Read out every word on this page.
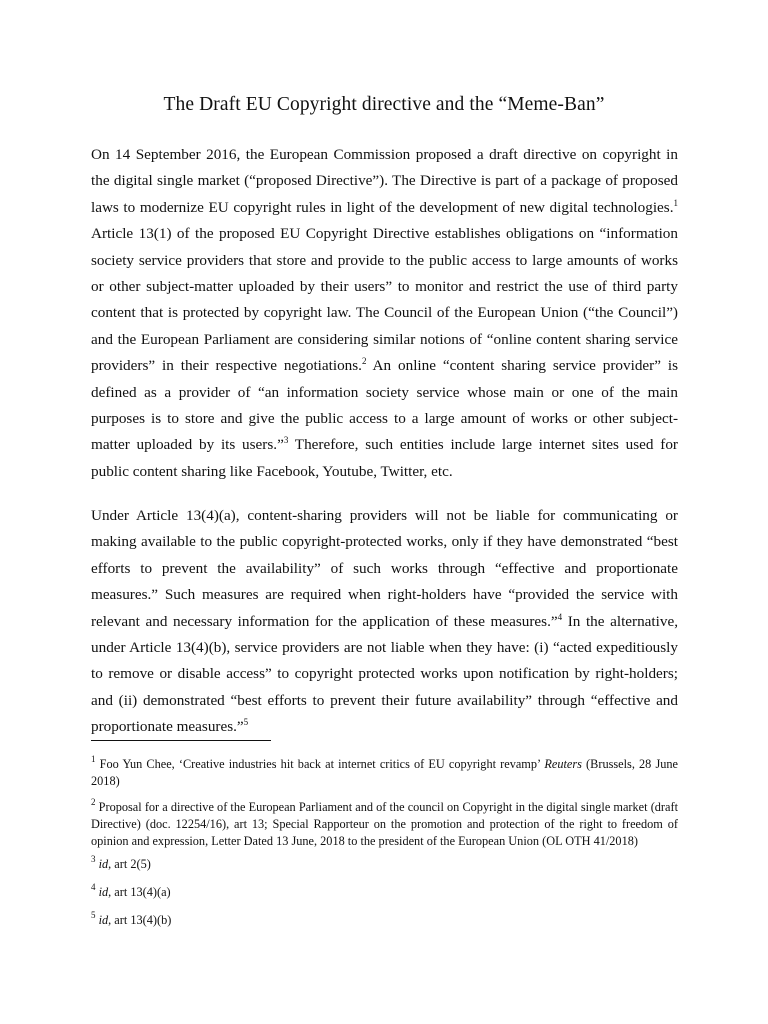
The Draft EU Copyright directive and the “Meme-Ban”
On 14 September 2016, the European Commission proposed a draft directive on copyright in the digital single market (“proposed Directive”). The Directive is part of a package of proposed laws to modernize EU copyright rules in light of the development of new digital technologies.$^1$ Article 13(1) of the proposed EU Copyright Directive establishes obligations on “information society service providers that store and provide to the public access to large amounts of works or other subject-matter uploaded by their users” to monitor and restrict the use of third party content that is protected by copyright law. The Council of the European Union (“the Council”) and the European Parliament are considering similar notions of “online content sharing service providers” in their respective negotiations.$^2$ An online “content sharing service provider” is defined as a provider of “an information society service whose main or one of the main purposes is to store and give the public access to a large amount of works or other subject-matter uploaded by its users.”$^3$ Therefore, such entities include large internet sites used for public content sharing like Facebook, Youtube, Twitter, etc.
Under Article 13(4)(a), content-sharing providers will not be liable for communicating or making available to the public copyright-protected works, only if they have demonstrated “best efforts to prevent the availability” of such works through “effective and proportionate measures.” Such measures are required when right-holders have “provided the service with relevant and necessary information for the application of these measures.”$^4$ In the alternative, under Article 13(4)(b), service providers are not liable when they have: (i) “acted expeditiously to remove or disable access” to copyright protected works upon notification by right-holders; and (ii) demonstrated “best efforts to prevent their future availability” through “effective and proportionate measures.”$^5$
$^1$ Foo Yun Chee, ‘Creative industries hit back at internet critics of EU copyright revamp’ Reuters (Brussels, 28 June 2018)
$^2$ Proposal for a directive of the European Parliament and of the council on Copyright in the digital single market (draft Directive) (doc. 12254/16), art 13; Special Rapporteur on the promotion and protection of the right to freedom of opinion and expression, Letter Dated 13 June, 2018 to the president of the European Union (OL OTH 41/2018)
$^3$ id, art 2(5)
$^4$ id, art 13(4)(a)
$^5$ id, art 13(4)(b)
